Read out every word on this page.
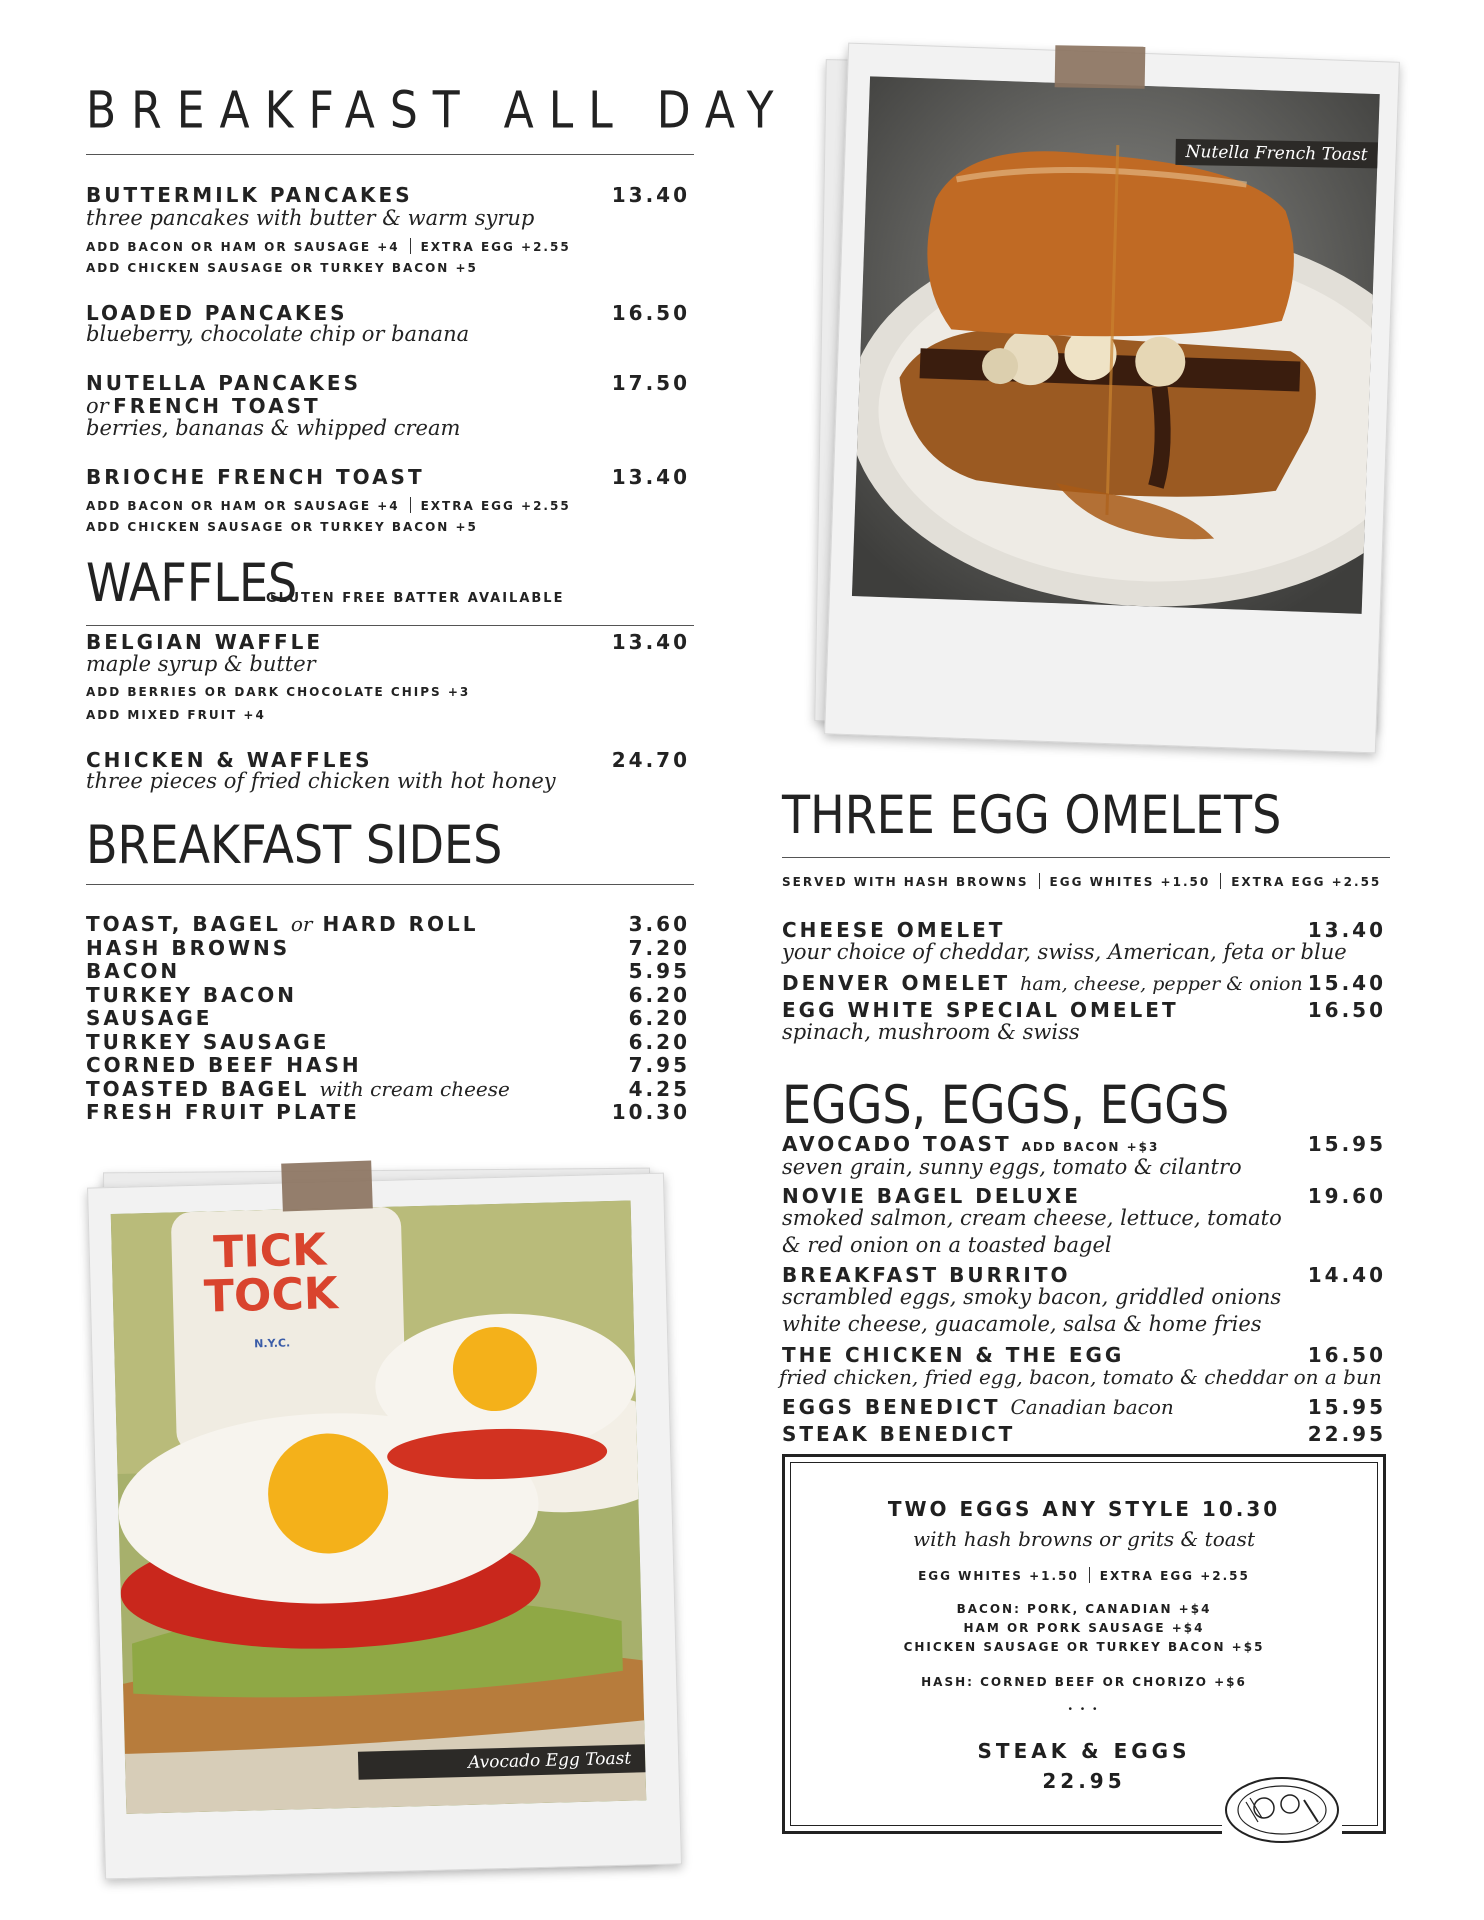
BREAKFAST ALL DAY
BUTTERMILK PANCAKES	13.40
three pancakes with butter & warm syrup
ADD BACON OR HAM OR SAUSAGE +4 EXTRA EGG +2.55
ADD CHICKEN SAUSAGE OR TURKEY BACON +5
LOADED PANCAKES	16.50
blueberry, chocolate chip or banana
NUTELLA PANCAKES	17.50
or FRENCH TOAST
berries, bananas & whipped cream
BRIOCHE FRENCH TOAST	13.40
ADD BACON OR HAM OR SAUSAGE +4 EXTRA EGG +2.55
ADD CHICKEN SAUSAGE OR TURKEY BACON +5
WAFFLES
GLUTEN FREE BATTER AVAILABLE
BELGIAN WAFFLE	13.40
maple syrup & butter
ADD BERRIES OR DARK CHOCOLATE CHIPS +3
ADD MIXED FRUIT +4
CHICKEN & WAFFLES	24.70
three pieces of fried chicken with hot honey
BREAKFAST SIDES
TOAST, BAGEL or HARD ROLL	3.60
HASH BROWNS	7.20
BACON	5.95
TURKEY BACON	6.20
SAUSAGE	6.20
TURKEY SAUSAGE	6.20
CORNED BEEF HASH	7.95
TOASTED BAGEL with cream cheese	4.25
FRESH FRUIT PLATE	10.30
Nutella French Toast
TICK
TOCK
N.Y.C.
Avocado Egg Toast
THREE EGG OMELETS
SERVED WITH HASH BROWNS EGG WHITES +1.50 EXTRA EGG +2.55
CHEESE OMELET	13.40
your choice of cheddar, swiss, American, feta or blue
DENVER OMELET ham, cheese, pepper & onion 15.40
EGG WHITE SPECIAL OMELET	16.50
spinach, mushroom & swiss
EGGS, EGGS, EGGS
AVOCADO TOAST ADD BACON +$3	15.95
seven grain, sunny eggs, tomato & cilantro
NOVIE BAGEL DELUXE	19.60
smoked salmon, cream cheese, lettuce, tomato
& red onion on a toasted bagel
BREAKFAST BURRITO	14.40
scrambled eggs, smoky bacon, griddled onions
white cheese, guacamole, salsa & home fries
THE CHICKEN & THE EGG	16.50
fried chicken, fried egg, bacon, tomato & cheddar on a bun
EGGS BENEDICT Canadian bacon	15.95
STEAK BENEDICT	22.95
TWO EGGS ANY STYLE 10.30
with hash browns or grits & toast
EGG WHITES +1.50 EXTRA EGG +2.55
BACON: PORK, CANADIAN +$4
HAM OR PORK SAUSAGE +$4
CHICKEN SAUSAGE OR TURKEY BACON +$5
HASH: CORNED BEEF OR CHORIZO +$6
• • •
STEAK & EGGS
22.95
